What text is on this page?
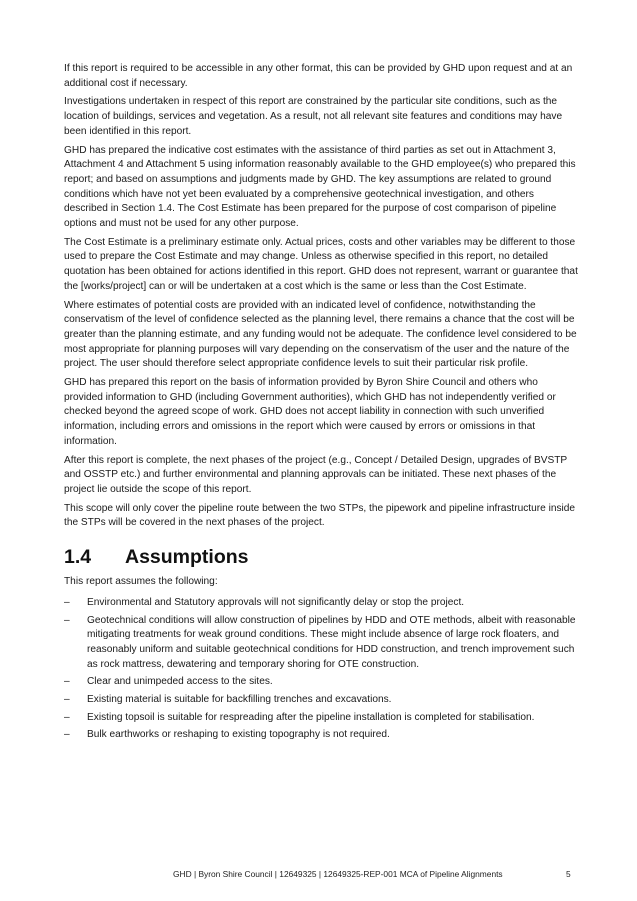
If this report is required to be accessible in any other format, this can be provided by GHD upon request and at an additional cost if necessary.

Investigations undertaken in respect of this report are constrained by the particular site conditions, such as the location of buildings, services and vegetation. As a result, not all relevant site features and conditions may have been identified in this report.

GHD has prepared the indicative cost estimates with the assistance of third parties as set out in Attachment 3, Attachment 4 and Attachment 5 using information reasonably available to the GHD employee(s) who prepared this report; and based on assumptions and judgments made by GHD. The key assumptions are related to ground conditions which have not yet been evaluated by a comprehensive geotechnical investigation, and others described in Section 1.4. The Cost Estimate has been prepared for the purpose of cost comparison of pipeline options and must not be used for any other purpose.

The Cost Estimate is a preliminary estimate only. Actual prices, costs and other variables may be different to those used to prepare the Cost Estimate and may change. Unless as otherwise specified in this report, no detailed quotation has been obtained for actions identified in this report. GHD does not represent, warrant or guarantee that the [works/project] can or will be undertaken at a cost which is the same or less than the Cost Estimate.

Where estimates of potential costs are provided with an indicated level of confidence, notwithstanding the conservatism of the level of confidence selected as the planning level, there remains a chance that the cost will be greater than the planning estimate, and any funding would not be adequate. The confidence level considered to be most appropriate for planning purposes will vary depending on the conservatism of the user and the nature of the project. The user should therefore select appropriate confidence levels to suit their particular risk profile.

GHD has prepared this report on the basis of information provided by Byron Shire Council and others who provided information to GHD (including Government authorities), which GHD has not independently verified or checked beyond the agreed scope of work. GHD does not accept liability in connection with such unverified information, including errors and omissions in the report which were caused by errors or omissions in that information.

After this report is complete, the next phases of the project (e.g., Concept / Detailed Design, upgrades of BVSTP and OSSTP etc.) and further environmental and planning approvals can be initiated. These next phases of the project lie outside the scope of this report.

This scope will only cover the pipeline route between the two STPs, the pipework and pipeline infrastructure inside the STPs will be covered in the next phases of the project.

1.4	Assumptions

This report assumes the following:

–	Environmental and Statutory approvals will not significantly delay or stop the project.
–	Geotechnical conditions will allow construction of pipelines by HDD and OTE methods, albeit with reasonable mitigating treatments for weak ground conditions. These might include absence of large rock floaters, and reasonably uniform and suitable geotechnical conditions for HDD construction, and trench improvement such as rock mattress, dewatering and temporary shoring for OTE construction.
–	Clear and unimpeded access to the sites.
–	Existing material is suitable for backfilling trenches and excavations.
–	Existing topsoil is suitable for respreading after the pipeline installation is completed for stabilisation.
–	Bulk earthworks or reshaping to existing topography is not required.
GHD | Byron Shire Council | 12649325 | 12649325-REP-001 MCA of Pipeline Alignments	5
